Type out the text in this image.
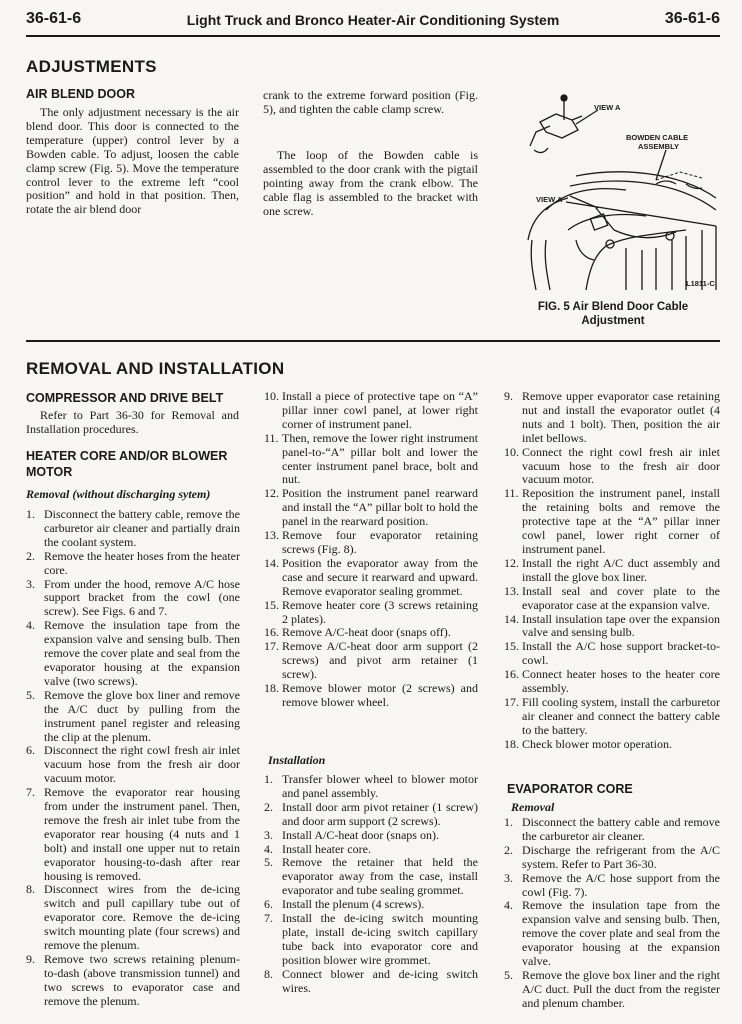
36-61-6	Light Truck and Bronco Heater-Air Conditioning System	36-61-6
ADJUSTMENTS
AIR BLEND DOOR
The only adjustment necessary is the air blend door. This door is connected to the temperature (upper) control lever by a Bowden cable. To adjust, loosen the cable clamp screw (Fig. 5). Move the temperature control lever to the extreme left “cool position” and hold in that position. Then, rotate the air blend door
crank to the extreme forward position (Fig. 5), and tighten the cable clamp screw.
The loop of the Bowden cable is assembled to the door crank with the pigtail pointing away from the crank elbow. The cable flag is assembled to the bracket with one screw.
VIEW A
BOWDEN CABLE
ASSEMBLY
VIEW A
L1811-C
FIG. 5 Air Blend Door Cable
Adjustment
REMOVAL AND INSTALLATION
COMPRESSOR AND DRIVE BELT
Refer to Part 36-30 for Removal and Installation procedures.
HEATER CORE AND/OR BLOWER
MOTOR
Removal (without discharging sytem)
1. Disconnect the battery cable, remove the carburetor air cleaner and partially drain the coolant system.
2. Remove the heater hoses from the heater core.
3. From under the hood, remove A/C hose support bracket from the cowl (one screw). See Figs. 6 and 7.
4. Remove the insulation tape from the expansion valve and sensing bulb. Then remove the cover plate and seal from the evaporator housing at the expansion valve (two screws).
5. Remove the glove box liner and remove the A/C duct by pulling from the instrument panel register and releasing the clip at the plenum.
6. Disconnect the right cowl fresh air inlet vacuum hose from the fresh air door vacuum motor.
7. Remove the evaporator rear housing from under the instrument panel. Then, remove the fresh air inlet tube from the evaporator rear housing (4 nuts and 1 bolt) and install one upper nut to retain evaporator housing-to-dash after rear housing is removed.
8. Disconnect wires from the de-icing switch and pull capillary tube out of evaporator core. Remove the de-icing switch mounting plate (four screws) and remove the plenum.
9. Remove two screws retaining plenum-to-dash (above transmission tunnel) and two screws to evaporator case and remove the plenum.
10. Install a piece of protective tape on “A” pillar inner cowl panel, at lower right corner of instrument panel.
11. Then, remove the lower right instrument panel-to-“A” pillar bolt and lower the center instrument panel brace, bolt and nut.
12. Position the instrument panel rearward and install the “A” pillar bolt to hold the panel in the rearward position.
13. Remove four evaporator retaining screws (Fig. 8).
14. Position the evaporator away from the case and secure it rearward and upward. Remove evaporator sealing grommet.
15. Remove heater core (3 screws retaining 2 plates).
16. Remove A/C-heat door (snaps off).
17. Remove A/C-heat door arm support (2 screws) and pivot arm retainer (1 screw).
18. Remove blower motor (2 screws) and remove blower wheel.
Installation
1. Transfer blower wheel to blower motor and panel assembly.
2. Install door arm pivot retainer (1 screw) and door arm support (2 screws).
3. Install A/C-heat door (snaps on).
4. Install heater core.
5. Remove the retainer that held the evaporator away from the case, install evaporator and tube sealing grommet.
6. Install the plenum (4 screws).
7. Install the de-icing switch mounting plate, install de-icing switch capillary tube back into evaporator core and position blower wire grommet.
8. Connect blower and de-icing switch wires.
9. Remove upper evaporator case retaining nut and install the evaporator outlet (4 nuts and 1 bolt). Then, position the air inlet bellows.
10. Connect the right cowl fresh air inlet vacuum hose to the fresh air door vacuum motor.
11. Reposition the instrument panel, install the retaining bolts and remove the protective tape at the “A” pillar inner cowl panel, lower right corner of instrument panel.
12. Install the right A/C duct assembly and install the glove box liner.
13. Install seal and cover plate to the evaporator case at the expansion valve.
14. Install insulation tape over the expansion valve and sensing bulb.
15. Install the A/C hose support bracket-to-cowl.
16. Connect heater hoses to the heater core assembly.
17. Fill cooling system, install the carburetor air cleaner and connect the battery cable to the battery.
18. Check blower motor operation.
EVAPORATOR CORE
Removal
1. Disconnect the battery cable and remove the carburetor air cleaner.
2. Discharge the refrigerant from the A/C system. Refer to Part 36-30.
3. Remove the A/C hose support from the cowl (Fig. 7).
4. Remove the insulation tape from the expansion valve and sensing bulb. Then, remove the cover plate and seal from the evaporator housing at the expansion valve.
5. Remove the glove box liner and the right A/C duct. Pull the duct from the register and plenum chamber.
